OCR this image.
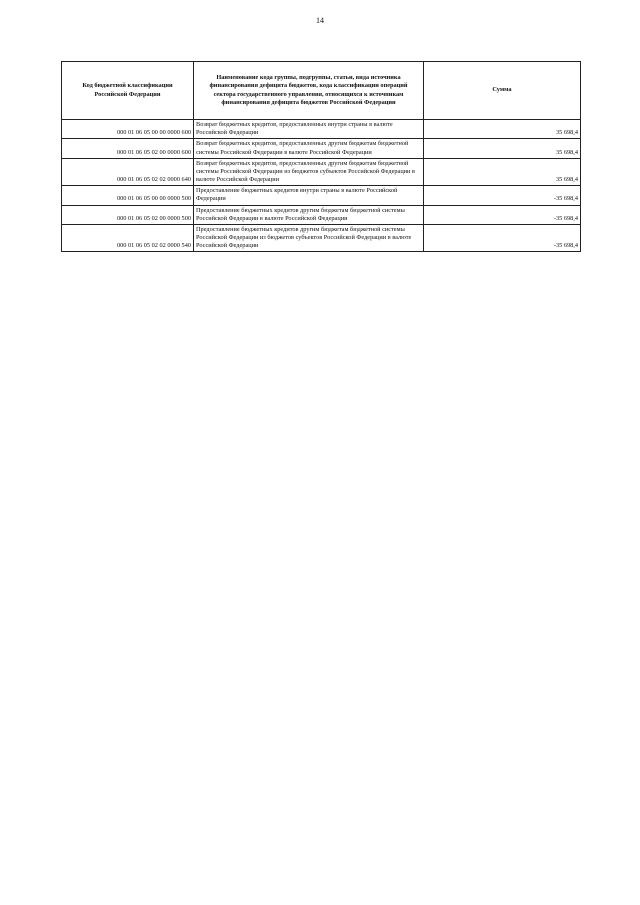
14
Код бюджетной классификации Российской Федерации	Наименование кода группы, подгруппы, статьи, вида источника финансирования дефицита бюджетов, кода классификации операций сектора государственного управления, относящихся к источникам финансирования дефицита бюджетов Российской Федерации	Сумма
000 01 06 05 00 00 0000 600	Возврат бюджетных кредитов, предоставленных внутри страны в валюте Российской Федерации	35 698,4
000 01 06 05 02 00 0000 600	Возврат бюджетных кредитов, предоставленных другим бюджетам бюджетной системы Российской Федерации в валюте Российской Федерации	35 698,4
000 01 06 05 02 02 0000 640	Возврат бюджетных кредитов, предоставленных другим бюджетам бюджетной системы Российской Федерации из бюджетов субъектов Российской Федерации в валюте Российской Федерации	35 698,4
000 01 06 05 00 00 0000 500	Предоставление бюджетных кредитов внутри страны в валюте Российской Федерации	-35 698,4
000 01 06 05 02 00 0000 500	Предоставление бюджетных кредитов другим бюджетам бюджетной системы Российской Федерации в валюте Российской Федерации	-35 698,4
000 01 06 05 02 02 0000 540	Предоставление бюджетных кредитов другим бюджетам бюджетной системы Российской Федерации из бюджетов субъектов Российской Федерации в валюте Российской Федерации	-35 698,4
